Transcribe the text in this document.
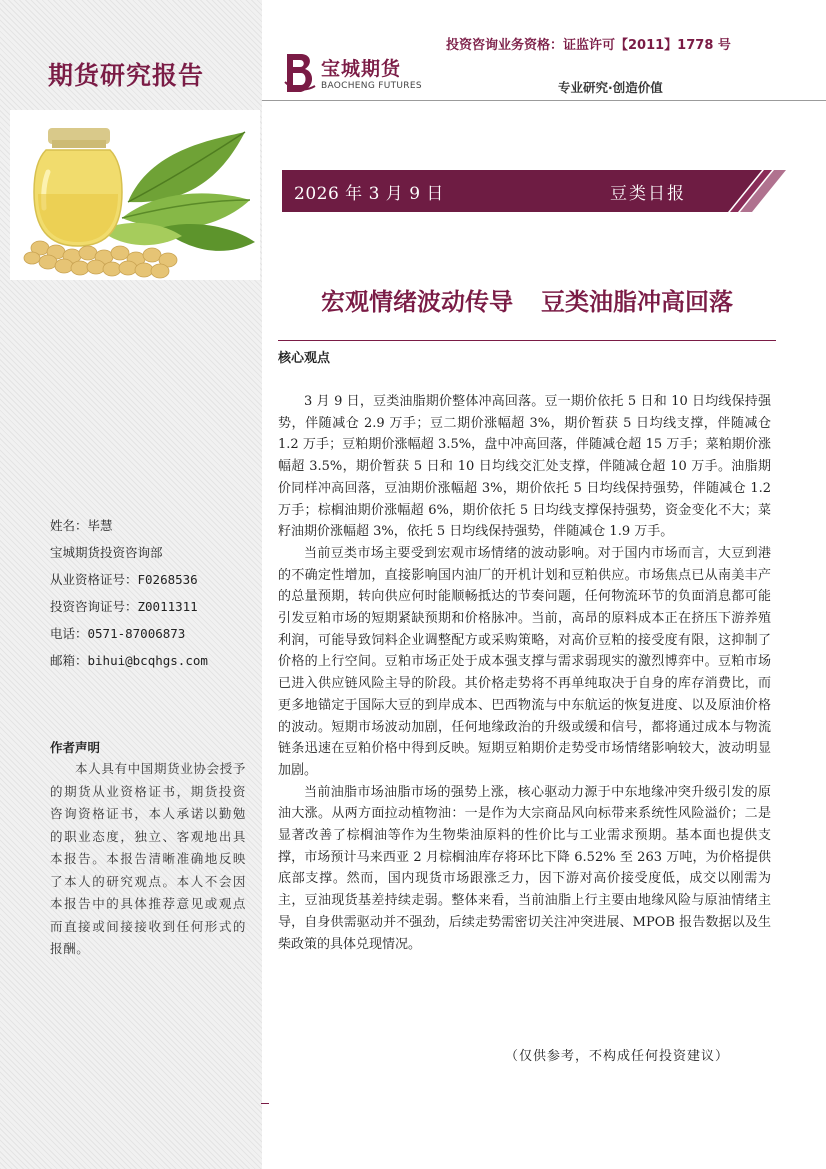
期货研究报告
姓名：毕慧
宝城期货投资咨询部
从业资格证号：F0268536
投资咨询证号：Z0011311
电话：0571-87006873
邮箱：bihui@bcqhgs.com
作者声明
本人具有中国期货业协会授予的期货从业资格证书，期货投资咨询资格证书，本人承诺以勤勉的职业态度，独立、客观地出具本报告。本报告清晰准确地反映了本人的研究观点。本人不会因本报告中的具体推荐意见或观点而直接或间接接收到任何形式的报酬。
投资咨询业务资格：证监许可【2011】1778 号
宝城期货
BAOCHENG FUTURES	专业研究·创造价值
2026 年 3 月 9 日	豆类日报
宏观情绪波动传导 豆类油脂冲高回落
核心观点

3 月 9 日，豆类油脂期价整体冲高回落。豆一期价依托 5 日和 10 日均线保持强势，伴随减仓 2.9 万手；豆二期价涨幅超 3%，期价暂获 5 日均线支撑，伴随减仓 1.2 万手；豆粕期价涨幅超 3.5%，盘中冲高回落，伴随减仓超 15 万手；菜粕期价涨幅超 3.5%，期价暂获 5 日和 10 日均线交汇处支撑，伴随减仓超 10 万手。油脂期价同样冲高回落，豆油期价涨幅超 3%，期价依托 5 日均线保持强势，伴随减仓 1.2 万手；棕榈油期价涨幅超 6%，期价依托 5 日均线支撑保持强势，资金变化不大；菜籽油期价涨幅超 3%，依托 5 日均线保持强势，伴随减仓 1.9 万手。

当前豆类市场主要受到宏观市场情绪的波动影响。对于国内市场而言，大豆到港的不确定性增加，直接影响国内油厂的开机计划和豆粕供应。市场焦点已从南美丰产的总量预期，转向供应何时能顺畅抵达的节奏问题，任何物流环节的负面消息都可能引发豆粕市场的短期紧缺预期和价格脉冲。当前，高昂的原料成本正在挤压下游养殖利润，可能导致饲料企业调整配方或采购策略，对高价豆粕的接受度有限，这抑制了价格的上行空间。豆粕市场正处于成本强支撑与需求弱现实的激烈博弈中。豆粕市场已进入供应链风险主导的阶段。其价格走势将不再单纯取决于自身的库存消费比，而更多地锚定于国际大豆的到岸成本、巴西物流与中东航运的恢复进度、以及原油价格的波动。短期市场波动加剧，任何地缘政治的升级或缓和信号，都将通过成本与物流链条迅速在豆粕价格中得到反映。短期豆粕期价走势受市场情绪影响较大，波动明显加剧。

当前油脂市场油脂市场的强势上涨，核心驱动力源于中东地缘冲突升级引发的原油大涨。从两方面拉动植物油：一是作为大宗商品风向标带来系统性风险溢价；二是显著改善了棕榈油等作为生物柴油原料的性价比与工业需求预期。基本面也提供支撑，市场预计马来西亚 2 月棕榈油库存将环比下降 6.52% 至 263 万吨，为价格提供底部支撑。然而，国内现货市场跟涨乏力，因下游对高价接受度低，成交以刚需为主，豆油现货基差持续走弱。整体来看，当前油脂上行主要由地缘风险与原油情绪主导，自身供需驱动并不强劲，后续走势需密切关注冲突进展、MPOB 报告数据以及生柴政策的具体兑现情况。

（仅供参考，不构成任何投资建议）
